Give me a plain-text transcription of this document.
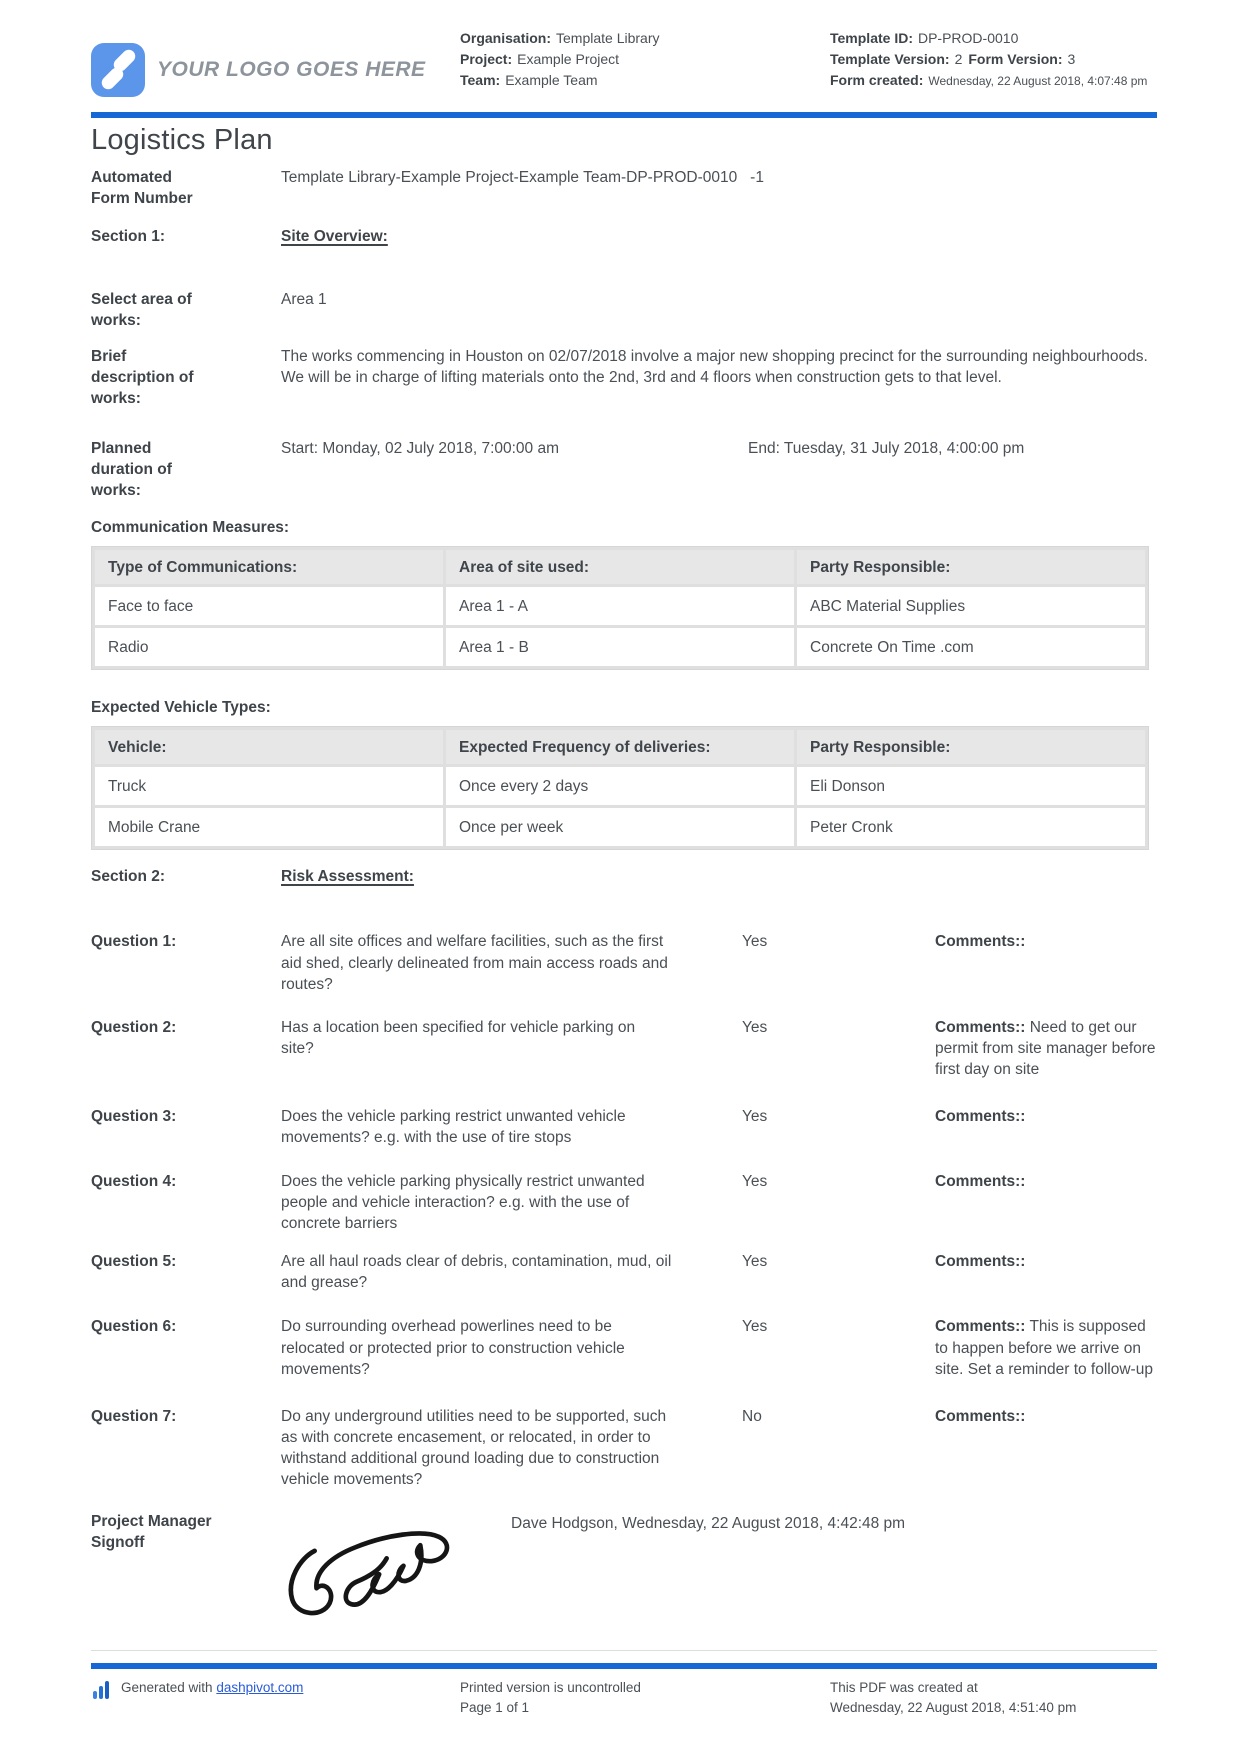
YOUR LOGO GOES HERE
Organisation: Template Library
Project: Example Project
Team: Example Team
Template ID: DP-PROD-0010
Template Version: 2 Form Version: 3
Form created: Wednesday, 22 August 2018, 4:07:48 pm
Logistics Plan
Automated Form Number
Template Library-Example Project-Example Team-DP-PROD-0010   -1
Section 1:	Site Overview:
Select area of works:
Area 1
Brief description of works:
The works commencing in Houston on 02/07/2018 involve a major new shopping precinct for the surrounding neighbourhoods. We will be in charge of lifting materials onto the 2nd, 3rd and 4 floors when construction gets to that level.
Planned duration of works:
Start: Monday, 02 July 2018, 7:00:00 am	End: Tuesday, 31 July 2018, 4:00:00 pm
Communication Measures:
Type of Communications:	Area of site used:	Party Responsible:
Face to face	Area 1 - A	ABC Material Supplies
Radio	Area 1 - B	Concrete On Time .com
Expected Vehicle Types:
Vehicle:	Expected Frequency of deliveries:	Party Responsible:
Truck	Once every 2 days	Eli Donson
Mobile Crane	Once per week	Peter Cronk
Section 2:	Risk Assessment:
Question 1:	Are all site offices and welfare facilities, such as the first aid shed, clearly delineated from main access roads and routes?
Yes	Comments::
Question 2:	Has a location been specified for vehicle parking on site?
Yes	Comments:: Need to get our permit from site manager before first day on site
Question 3:	Does the vehicle parking restrict unwanted vehicle movements? e.g. with the use of tire stops
Yes	Comments::
Question 4:	Does the vehicle parking physically restrict unwanted people and vehicle interaction? e.g. with the use of concrete barriers
Yes	Comments::
Question 5:	Are all haul roads clear of debris, contamination, mud, oil and grease?
Yes	Comments::
Question 6:	Do surrounding overhead powerlines need to be relocated or protected prior to construction vehicle movements?
Yes	Comments:: This is supposed to happen before we arrive on site. Set a reminder to follow-up
Question 7:	Do any underground utilities need to be supported, such as with concrete encasement, or relocated, in order to withstand additional ground loading due to construction vehicle movements?
No	Comments::
Project Manager Signoff
Dave Hodgson, Wednesday, 22 August 2018, 4:42:48 pm
Generated with dashpivot.com	Printed version is uncontrolled
Page 1 of 1
This PDF was created at
Wednesday, 22 August 2018, 4:51:40 pm
